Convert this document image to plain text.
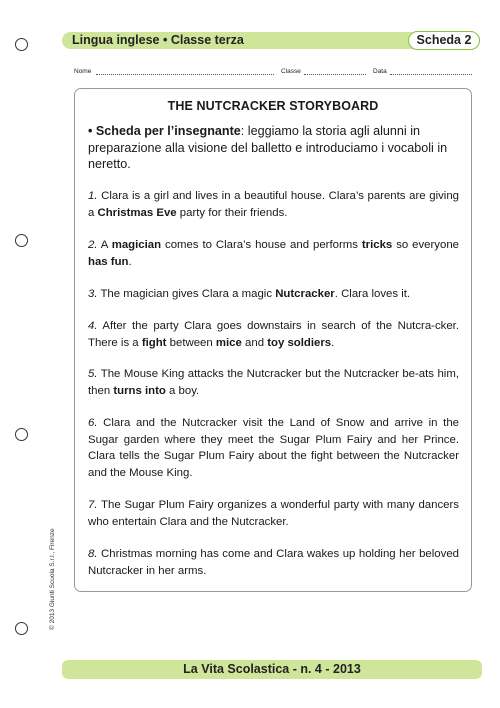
Lingua inglese • Classe terza	Scheda 2
Nome	Classe	Data
THE NUTCRACKER STORYBOARD
• Scheda per l’insegnante: leggiamo la storia agli alunni in preparazione alla visione del balletto e introduciamo i vocaboli in neretto.
1. Clara is a girl and lives in a beautiful house. Clara’s parents are giving a Christmas Eve party for their friends.
2. A magician comes to Clara’s house and performs tricks so everyone has fun.
3. The magician gives Clara a magic Nutcracker. Clara loves it.
4. After the party Clara goes downstairs in search of the Nutcra-cker. There is a fight between mice and toy soldiers.
5. The Mouse King attacks the Nutcracker but the Nutcracker be-ats him, then turns into a boy.
6. Clara and the Nutcracker visit the Land of Snow and arrive in the Sugar garden where they meet the Sugar Plum Fairy and her Prince. Clara tells the Sugar Plum Fairy about the fight between the Nutcracker and the Mouse King.
7. The Sugar Plum Fairy organizes a wonderful party with many dancers who entertain Clara and the Nutcracker.
8. Christmas morning has come and Clara wakes up holding her beloved Nutcracker in her arms.
© 2013 Giunti Scuola S.r.l., Firenze
La Vita Scolastica - n. 4 - 2013
